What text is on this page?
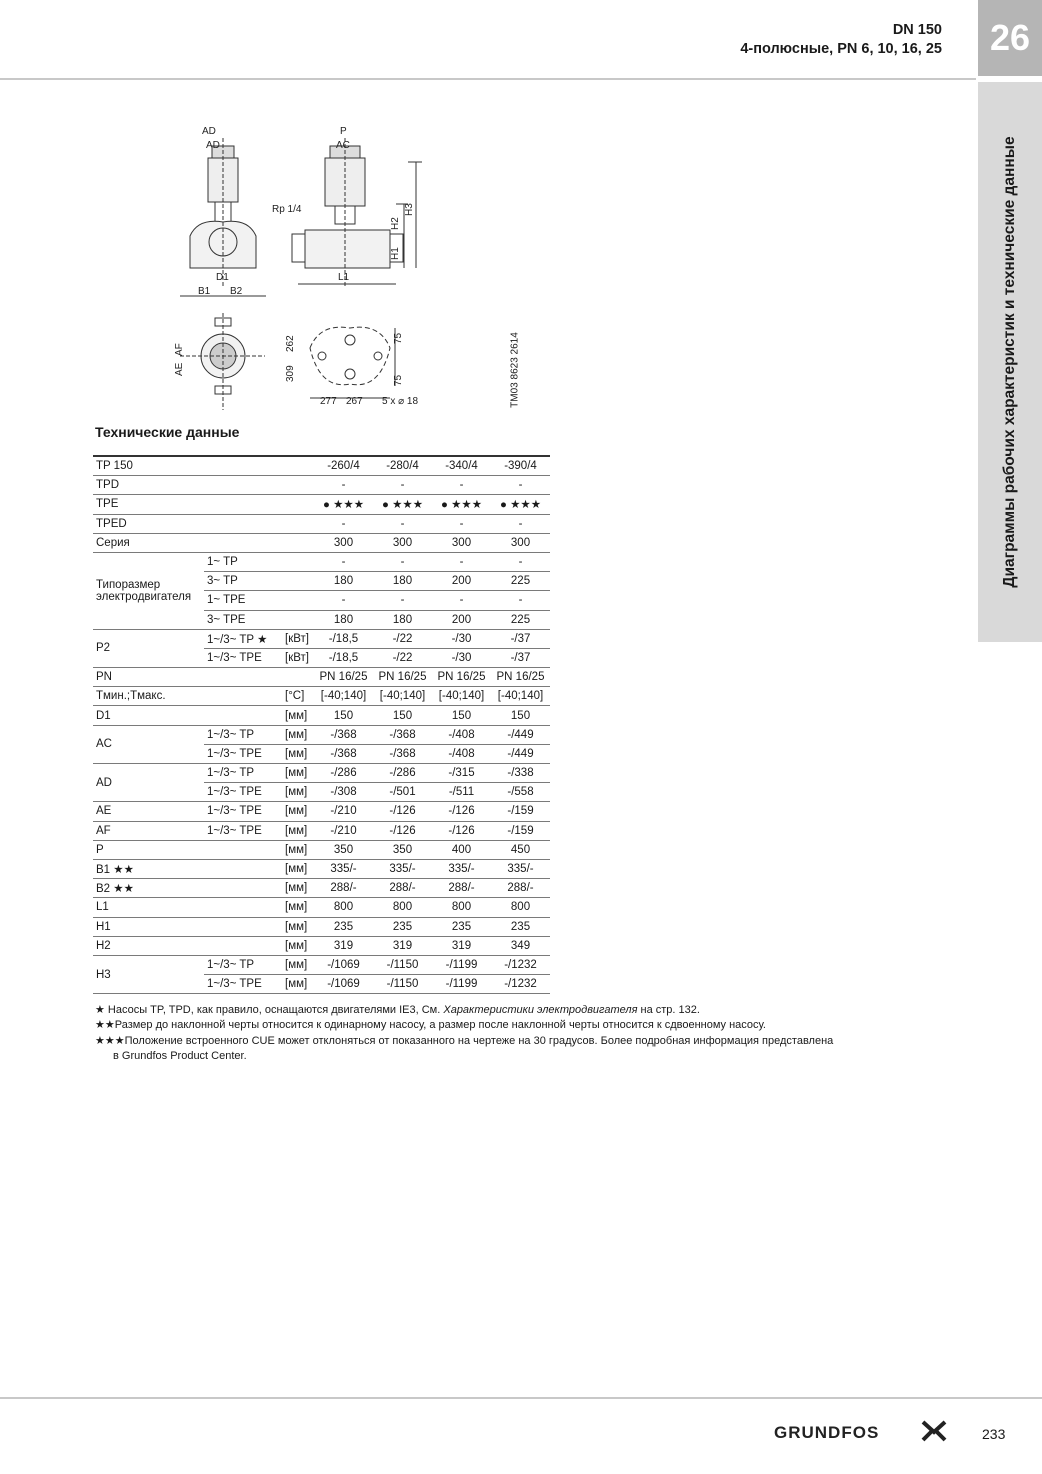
DN 150
4-полюсные, PN 6, 10, 16, 25	26
Диаграммы рабочих характеристик и технические данные
AD
AD
D1
B1 B2
P
AC
Rp 1/4
H2
H3
H1
L1
AE
AF
309
262	75
75
277 267 5 x ⌀ 18	TM03 8623 2614
Технические данные
TP 150			-260/4	-280/4	-340/4	-390/4
TPD			-	-	-	-
TPE			● ★★★	● ★★★	● ★★★	● ★★★
TPED			-	-	-	-
Серия			300	300	300	300
Типоразмер электродвигателя	1~ TP		-	-	-	-
	3~ TP		180	180	200	225
	1~ TPE		-	-	-	-
	3~ TPE		180	180	200	225
P2	1~/3~ TP ★	[кВт]	-/18,5	-/22	-/30	-/37
	1~/3~ TPE	[кВт]	-/18,5	-/22	-/30	-/37
PN			PN 16/25	PN 16/25	PN 16/25	PN 16/25
Tмин.;Tмакс.		[°C]	[-40;140]	[-40;140]	[-40;140]	[-40;140]
D1		[мм]	150	150	150	150
AC	1~/3~ TP	[мм]	-/368	-/368	-/408	-/449
	1~/3~ TPE	[мм]	-/368	-/368	-/408	-/449
AD	1~/3~ TP	[мм]	-/286	-/286	-/315	-/338
	1~/3~ TPE	[мм]	-/308	-/501	-/511	-/558
AE	1~/3~ TPE	[мм]	-/210	-/126	-/126	-/159
AF	1~/3~ TPE	[мм]	-/210	-/126	-/126	-/159
P		[мм]	350	350	400	450
B1 ★★		[мм]	335/-	335/-	335/-	335/-
B2 ★★		[мм]	288/-	288/-	288/-	288/-
L1		[мм]	800	800	800	800
H1		[мм]	235	235	235	235
H2		[мм]	319	319	319	349
H3	1~/3~ TP	[мм]	-/1069	-/1150	-/1199	-/1232
	1~/3~ TPE	[мм]	-/1069	-/1150	-/1199	-/1232

★ Насосы TP, TPD, как правило, оснащаются двигателями IE3, См. Характеристики электродвигателя на стр. 132.

★★Размер до наклонной черты относится к одинарному насосу, а размер после наклонной черты относится к сдвоенному насосу.

★★★Положение встроенного CUE может отклоняться от показанного на чертеже на 30 градусов. Более подробная информация представлена

в Grundfos Product Center.

GRUNDFOS	233
